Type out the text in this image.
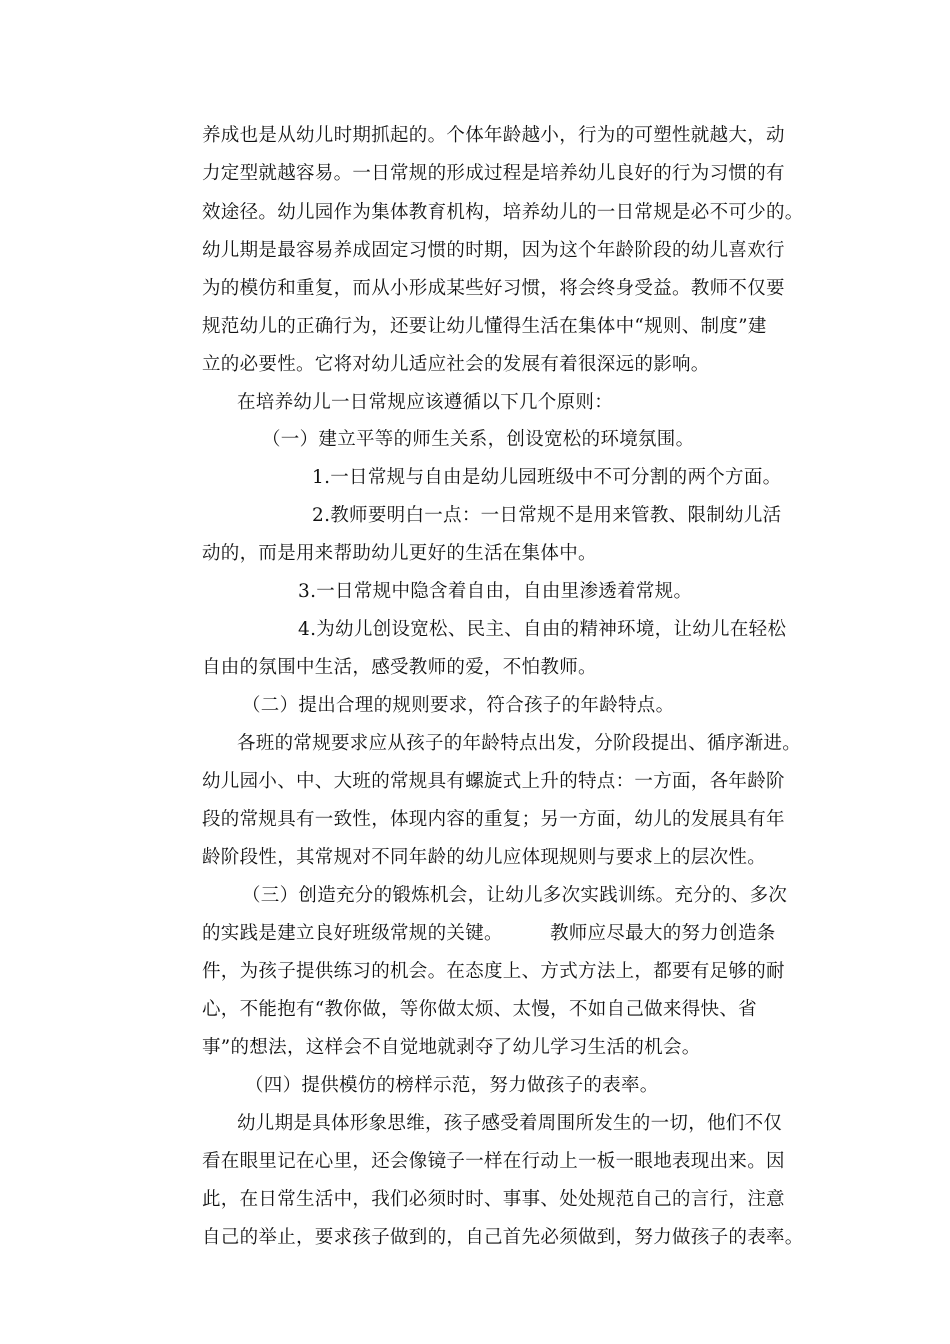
养成也是从幼儿时期抓起的。个体年龄越小，行为的可塑性就越大，动
力定型就越容易。一日常规的形成过程是培养幼儿良好的行为习惯的有
效途径。幼儿园作为集体教育机构，培养幼儿的一日常规是必不可少的。
幼儿期是最容易养成固定习惯的时期，因为这个年龄阶段的幼儿喜欢行
为的模仿和重复，而从小形成某些好习惯，将会终身受益。教师不仅要
规范幼儿的正确行为，还要让幼儿懂得生活在集体中“规则、制度”建
立的必要性。它将对幼儿适应社会的发展有着很深远的影响。
在培养幼儿一日常规应该遵循以下几个原则：
（一）建立平等的师生关系，创设宽松的环境氛围。
1.一日常规与自由是幼儿园班级中不可分割的两个方面。
2.教师要明白一点：一日常规不是用来管教、限制幼儿活
动的，而是用来帮助幼儿更好的生活在集体中。
3.一日常规中隐含着自由，自由里渗透着常规。
4.为幼儿创设宽松、民主、自由的精神环境，让幼儿在轻松
自由的氛围中生活，感受教师的爱，不怕教师。
（二）提出合理的规则要求，符合孩子的年龄特点。
各班的常规要求应从孩子的年龄特点出发，分阶段提出、循序渐进。
幼儿园小、中、大班的常规具有螺旋式上升的特点：一方面，各年龄阶
段的常规具有一致性，体现内容的重复；另一方面，幼儿的发展具有年
龄阶段性，其常规对不同年龄的幼儿应体现规则与要求上的层次性。
（三）创造充分的锻炼机会，让幼儿多次实践训练。充分的、多次
的实践是建立良好班级常规的关键。　　　教师应尽最大的努力创造条
件，为孩子提供练习的机会。在态度上、方式方法上，都要有足够的耐
心，不能抱有“教你做，等你做太烦、太慢，不如自己做来得快、省
事”的想法，这样会不自觉地就剥夺了幼儿学习生活的机会。
（四）提供模仿的榜样示范，努力做孩子的表率。
幼儿期是具体形象思维，孩子感受着周围所发生的一切，他们不仅
看在眼里记在心里，还会像镜子一样在行动上一板一眼地表现出来。因
此，在日常生活中，我们必须时时、事事、处处规范自己的言行，注意
自己的举止，要求孩子做到的，自己首先必须做到，努力做孩子的表率。
